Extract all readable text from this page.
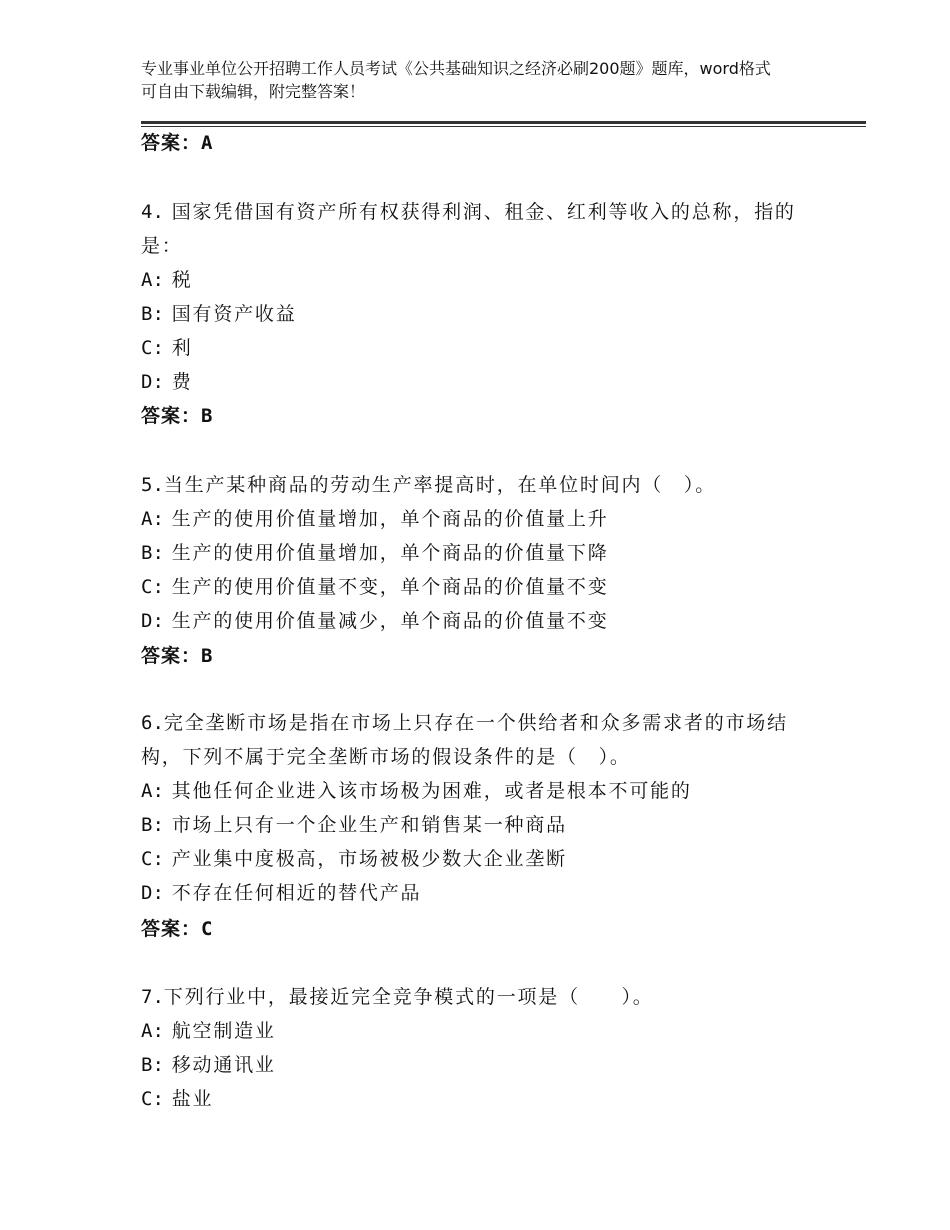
专业事业单位公开招聘工作人员考试《公共基础知识之经济必刷200题》题库，word格式可自由下载编辑，附完整答案！
答案：A
4. 国家凭借国有资产所有权获得利润、租金、红利等收入的总称，指的是：
A: 税
B: 国有资产收益
C: 利
D: 费
答案：B
5.当生产某种商品的劳动生产率提高时，在单位时间内（　）。
A: 生产的使用价值量增加，单个商品的价值量上升
B: 生产的使用价值量增加，单个商品的价值量下降
C: 生产的使用价值量不变，单个商品的价值量不变
D: 生产的使用价值量减少，单个商品的价值量不变
答案：B
6.完全垄断市场是指在市场上只存在一个供给者和众多需求者的市场结构，下列不属于完全垄断市场的假设条件的是（　）。
A: 其他任何企业进入该市场极为困难，或者是根本不可能的
B: 市场上只有一个企业生产和销售某一种商品
C: 产业集中度极高，市场被极少数大企业垄断
D: 不存在任何相近的替代产品
答案：C
7.下列行业中，最接近完全竞争模式的一项是（　　）。
A: 航空制造业
B: 移动通讯业
C: 盐业
